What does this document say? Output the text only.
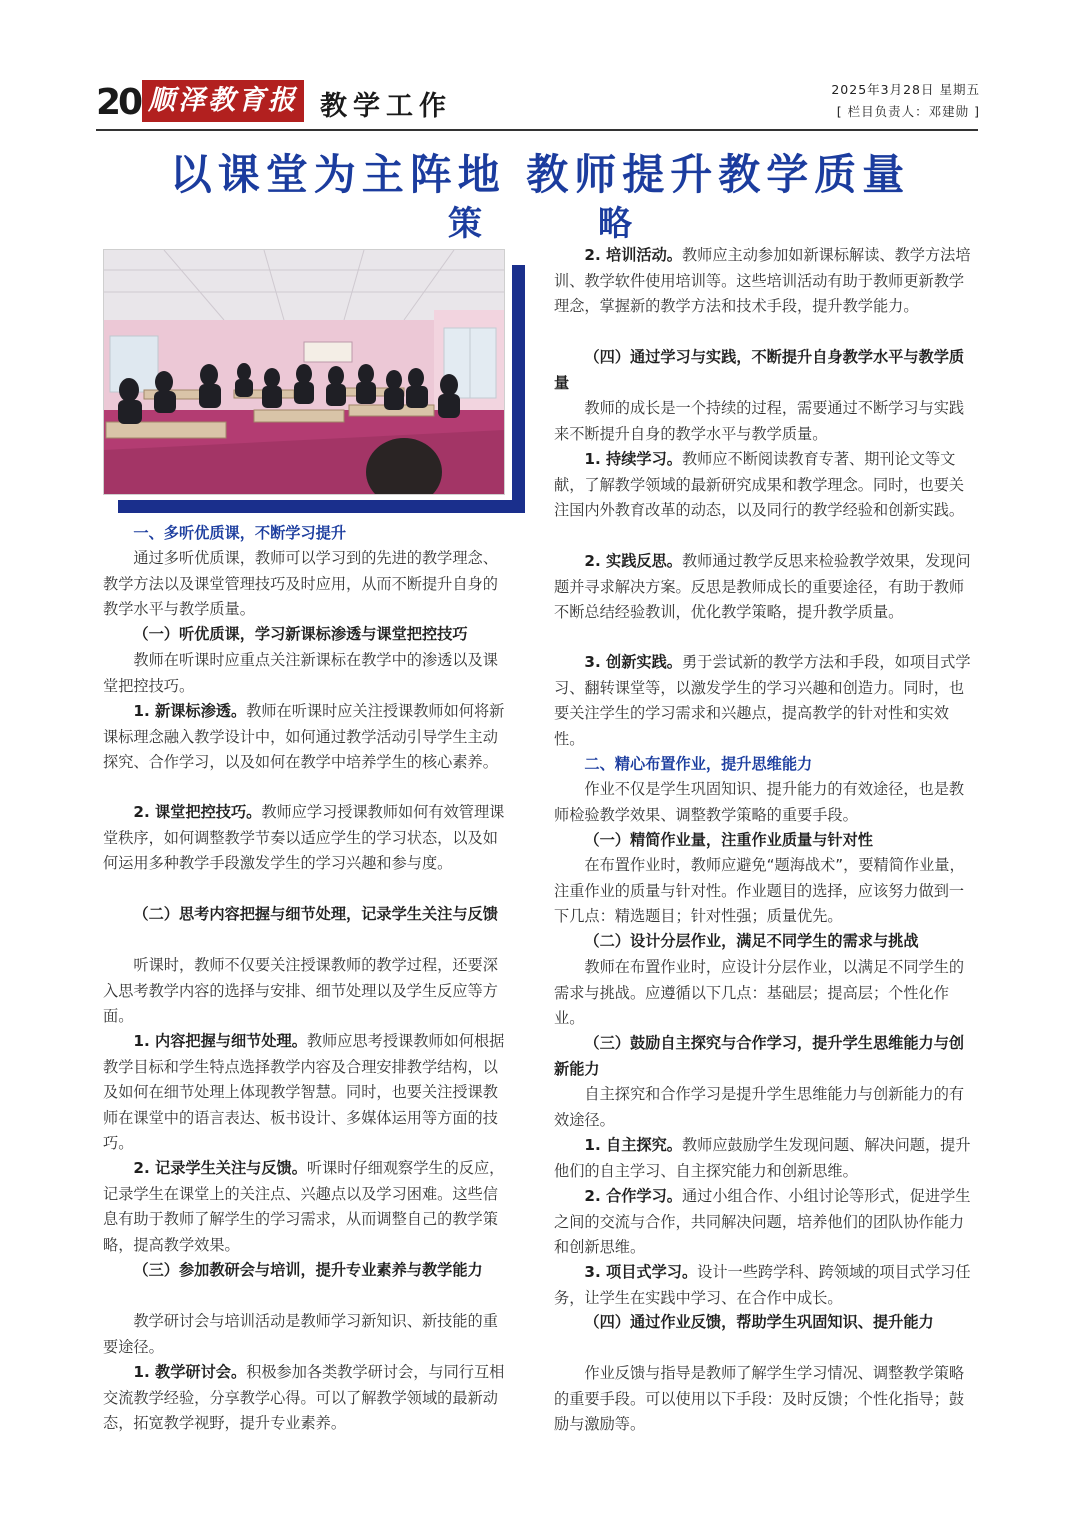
20 顺泽教育报 教学工作
2025年3月28日 星期五
[ 栏目负责人：邓建勋 ]
以课堂为主阵地 教师提升教学质量
策	略

一、多听优质课，不断学习提升

通过多听优质课，教师可以学习到的先进的教学理念、教学方法以及课堂管理技巧及时应用，从而不断提升自身的教学水平与教学质量。

（一）听优质课，学习新课标渗透与课堂把控技巧

教师在听课时应重点关注新课标在教学中的渗透以及课堂把控技巧。

1. 新课标渗透。教师在听课时应关注授课教师如何将新课标理念融入教学设计中，如何通过教学活动引导学生主动探究、合作学习，以及如何在教学中培养学生的核心素养。

2. 课堂把控技巧。教师应学习授课教师如何有效管理课堂秩序，如何调整教学节奏以适应学生的学习状态，以及如何运用多种教学手段激发学生的学习兴趣和参与度。

（二）思考内容把握与细节处理，记录学生关注与反馈

听课时，教师不仅要关注授课教师的教学过程，还要深入思考教学内容的选择与安排、细节处理以及学生反应等方面。

1. 内容把握与细节处理。教师应思考授课教师如何根据教学目标和学生特点选择教学内容及合理安排教学结构，以及如何在细节处理上体现教学智慧。同时，也要关注授课教师在课堂中的语言表达、板书设计、多媒体运用等方面的技巧。

2. 记录学生关注与反馈。听课时仔细观察学生的反应，记录学生在课堂上的关注点、兴趣点以及学习困难。这些信息有助于教师了解学生的学习需求，从而调整自己的教学策略，提高教学效果。

（三）参加教研会与培训，提升专业素养与教学能力

教学研讨会与培训活动是教师学习新知识、新技能的重要途径。

1. 教学研讨会。积极参加各类教学研讨会，与同行互相交流教学经验，分享教学心得。可以了解教学领域的最新动态，拓宽教学视野，提升专业素养。

2. 培训活动。教师应主动参加如新课标解读、教学方法培训、教学软件使用培训等。这些培训活动有助于教师更新教学理念，掌握新的教学方法和技术手段，提升教学能力。

（四）通过学习与实践，不断提升自身教学水平与教学质量

教师的成长是一个持续的过程，需要通过不断学习与实践来不断提升自身的教学水平与教学质量。

1. 持续学习。教师应不断阅读教育专著、期刊论文等文献，了解教学领域的最新研究成果和教学理念。同时，也要关注国内外教育改革的动态，以及同行的教学经验和创新实践。

2. 实践反思。教师通过教学反思来检验教学效果，发现问题并寻求解决方案。反思是教师成长的重要途径，有助于教师不断总结经验教训，优化教学策略，提升教学质量。

3. 创新实践。勇于尝试新的教学方法和手段，如项目式学习、翻转课堂等，以激发学生的学习兴趣和创造力。同时，也要关注学生的学习需求和兴趣点，提高教学的针对性和实效性。

二、精心布置作业，提升思维能力

作业不仅是学生巩固知识、提升能力的有效途径，也是教师检验教学效果、调整教学策略的重要手段。

（一）精简作业量，注重作业质量与针对性

在布置作业时，教师应避免“题海战术”，要精简作业量，注重作业的质量与针对性。作业题目的选择，应该努力做到一下几点：精选题目；针对性强；质量优先。

（二）设计分层作业，满足不同学生的需求与挑战

教师在布置作业时，应设计分层作业，以满足不同学生的需求与挑战。应遵循以下几点：基础层；提高层；个性化作业。

（三）鼓励自主探究与合作学习，提升学生思维能力与创新能力

自主探究和合作学习是提升学生思维能力与创新能力的有效途径。

1. 自主探究。教师应鼓励学生发现问题、解决问题，提升他们的自主学习、自主探究能力和创新思维。

2. 合作学习。通过小组合作、小组讨论等形式，促进学生之间的交流与合作，共同解决问题，培养他们的团队协作能力和创新思维。

3. 项目式学习。设计一些跨学科、跨领域的项目式学习任务，让学生在实践中学习、在合作中成长。

（四）通过作业反馈，帮助学生巩固知识、提升能力

作业反馈与指导是教师了解学生学习情况、调整教学策略的重要手段。可以使用以下手段：及时反馈；个性化指导；鼓励与激励等。
